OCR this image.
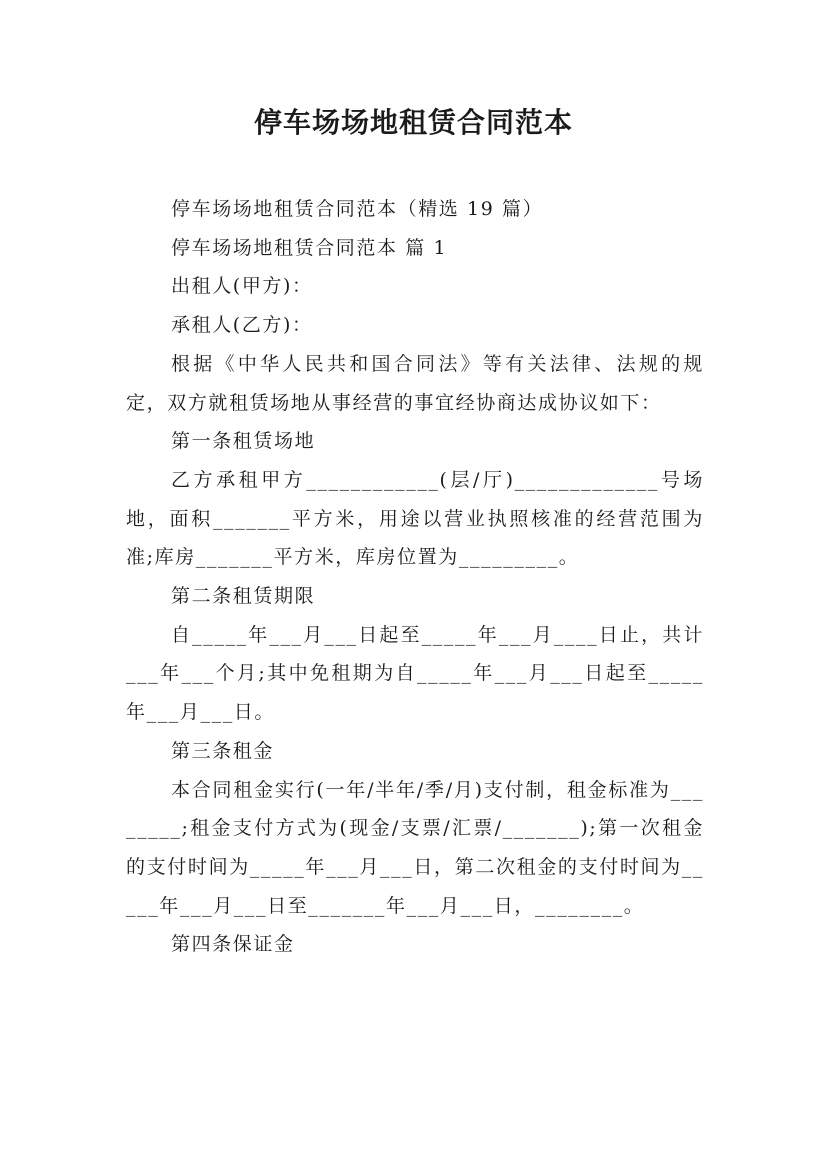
停车场场地租赁合同范本

停车场场地租赁合同范本（精选 19 篇）

停车场场地租赁合同范本 篇 1

出租人(甲方)：

承租人(乙方)：

根据《中华人民共和国合同法》等有关法律、法规的规定，双方就租赁场地从事经营的事宜经协商达成协议如下：

第一条租赁场地

乙方承租甲方____________(层/厅)_____________号场地，面积_______平方米，用途以营业执照核准的经营范围为准;库房_______平方米，库房位置为_________。

第二条租赁期限

自_____年___月___日起至_____年___月____日止，共计___年___个月;其中免租期为自_____年___月___日起至_____年___月___日。

第三条租金

本合同租金实行(一年/半年/季/月)支付制，租金标准为________;租金支付方式为(现金/支票/汇票/_______);第一次租金的支付时间为_____年___月___日，第二次租金的支付时间为_____年___月___日至_______年___月___日，________。

第四条保证金
